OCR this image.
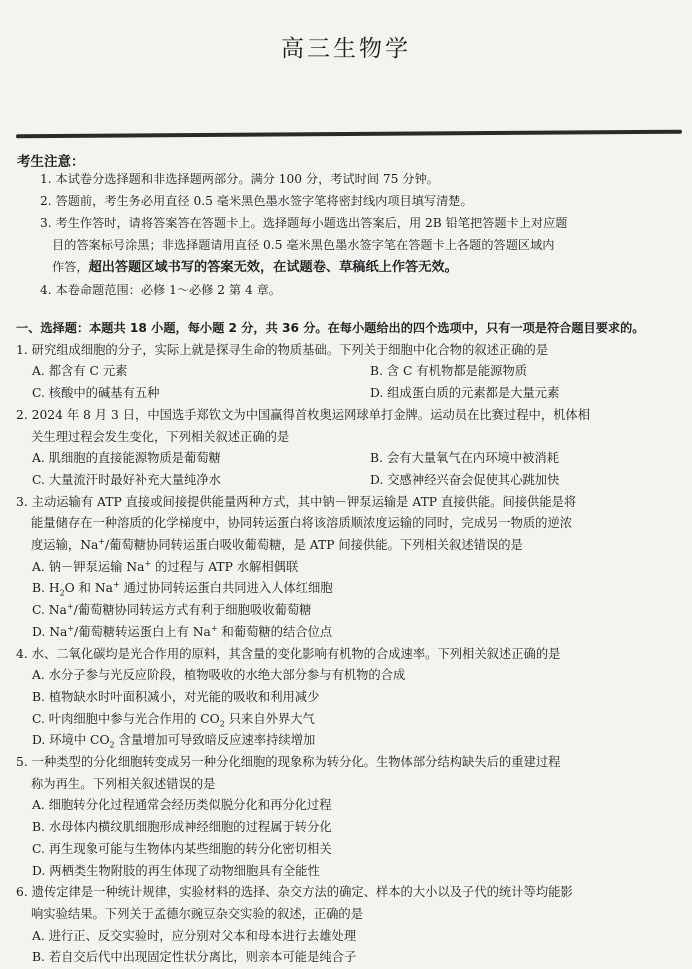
高三生物学
考生注意：
1. 本试卷分选择题和非选择题两部分。满分 100 分，考试时间 75 分钟。
2. 答题前，考生务必用直径 0.5 毫米黑色墨水签字笔将密封线内项目填写清楚。
3. 考生作答时，请将答案答在答题卡上。选择题每小题选出答案后，用 2B 铅笔把答题卡上对应题
目的答案标号涂黑；非选择题请用直径 0.5 毫米黑色墨水签字笔在答题卡上各题的答题区域内
作答，超出答题区域书写的答案无效，在试题卷、草稿纸上作答无效。
4. 本卷命题范围：必修 1～必修 2 第 4 章。
一、选择题：本题共 18 小题，每小题 2 分，共 36 分。在每小题给出的四个选项中，只有一项是符合题目要求的。
1. 研究组成细胞的分子，实际上就是探寻生命的物质基础。下列关于细胞中化合物的叙述正确的是
A. 都含有 C 元素	B. 含 C 有机物都是能源物质
C. 核酸中的碱基有五种	D. 组成蛋白质的元素都是大量元素
2. 2024 年 8 月 3 日，中国选手郑钦文为中国赢得首枚奥运网球单打金牌。运动员在比赛过程中，机体相
关生理过程会发生变化，下列相关叙述正确的是
A. 肌细胞的直接能源物质是葡萄糖	B. 会有大量氧气在内环境中被消耗
C. 大量流汗时最好补充大量纯净水	D. 交感神经兴奋会促使其心跳加快
3. 主动运输有 ATP 直接或间接提供能量两种方式，其中钠－钾泵运输是 ATP 直接供能。间接供能是将
能量储存在一种溶质的化学梯度中，协同转运蛋白将该溶质顺浓度运输的同时，完成另一物质的逆浓
度运输，Na+/葡萄糖协同转运蛋白吸收葡萄糖，是 ATP 间接供能。下列相关叙述错误的是
A. 钠－钾泵运输 Na+ 的过程与 ATP 水解相偶联
B. $H_2O$ 和 Na+ 通过协同转运蛋白共同进入人体红细胞
C. Na+/葡萄糖协同转运方式有利于细胞吸收葡萄糖
D. Na+/葡萄糖转运蛋白上有 Na+ 和葡萄糖的结合位点
4. 水、二氧化碳均是光合作用的原料，其含量的变化影响有机物的合成速率。下列相关叙述正确的是
A. 水分子参与光反应阶段，植物吸收的水绝大部分参与有机物的合成
B. 植物缺水时叶面积减小，对光能的吸收和利用减少
C. 叶肉细胞中参与光合作用的 $CO_2$ 只来自外界大气
D. 环境中 $CO_2$ 含量增加可导致暗反应速率持续增加
5. 一种类型的分化细胞转变成另一种分化细胞的现象称为转分化。生物体部分结构缺失后的重建过程
称为再生。下列相关叙述错误的是
A. 细胞转分化过程通常会经历类似脱分化和再分化过程
B. 水母体内横纹肌细胞形成神经细胞的过程属于转分化
C. 再生现象可能与生物体内某些细胞的转分化密切相关
D. 两栖类生物附肢的再生体现了动物细胞具有全能性
6. 遗传定律是一种统计规律，实验材料的选择、杂交方法的确定、样本的大小以及子代的统计等均能影
响实验结果。下列关于孟德尔豌豆杂交实验的叙述，正确的是
A. 进行正、反交实验时，应分别对父本和母本进行去雄处理
B. 若自交后代中出现固定性状分离比，则亲本可能是纯合子
